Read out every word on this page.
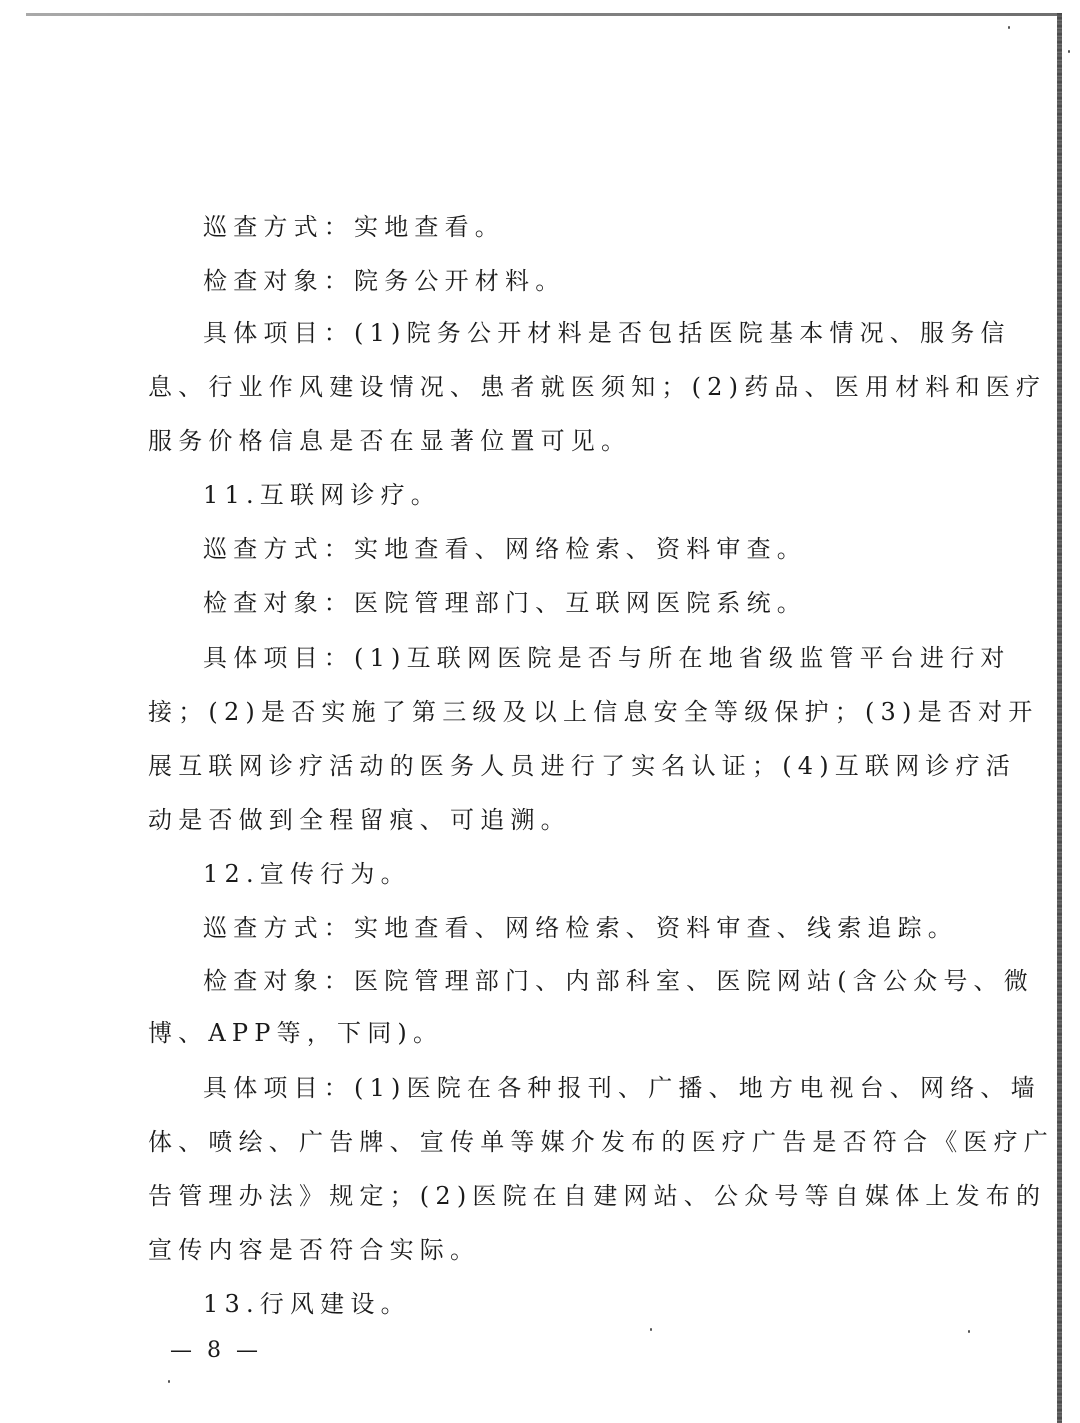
巡查方式：实地查看。
检查对象：院务公开材料。
具体项目：(1)院务公开材料是否包括医院基本情况、服务信
息、行业作风建设情况、患者就医须知；(2)药品、医用材料和医疗
服务价格信息是否在显著位置可见。
11.互联网诊疗。
巡查方式：实地查看、网络检索、资料审查。
检查对象：医院管理部门、互联网医院系统。
具体项目：(1)互联网医院是否与所在地省级监管平台进行对
接；(2)是否实施了第三级及以上信息安全等级保护；(3)是否对开
展互联网诊疗活动的医务人员进行了实名认证；(4)互联网诊疗活
动是否做到全程留痕、可追溯。
12.宣传行为。
巡查方式：实地查看、网络检索、资料审查、线索追踪。
检查对象：医院管理部门、内部科室、医院网站(含公众号、微
博、APP等，下同)。
具体项目：(1)医院在各种报刊、广播、地方电视台、网络、墙
体、喷绘、广告牌、宣传单等媒介发布的医疗广告是否符合《医疗广
告管理办法》规定；(2)医院在自建网站、公众号等自媒体上发布的
宣传内容是否符合实际。
13.行风建设。
— 8 —
